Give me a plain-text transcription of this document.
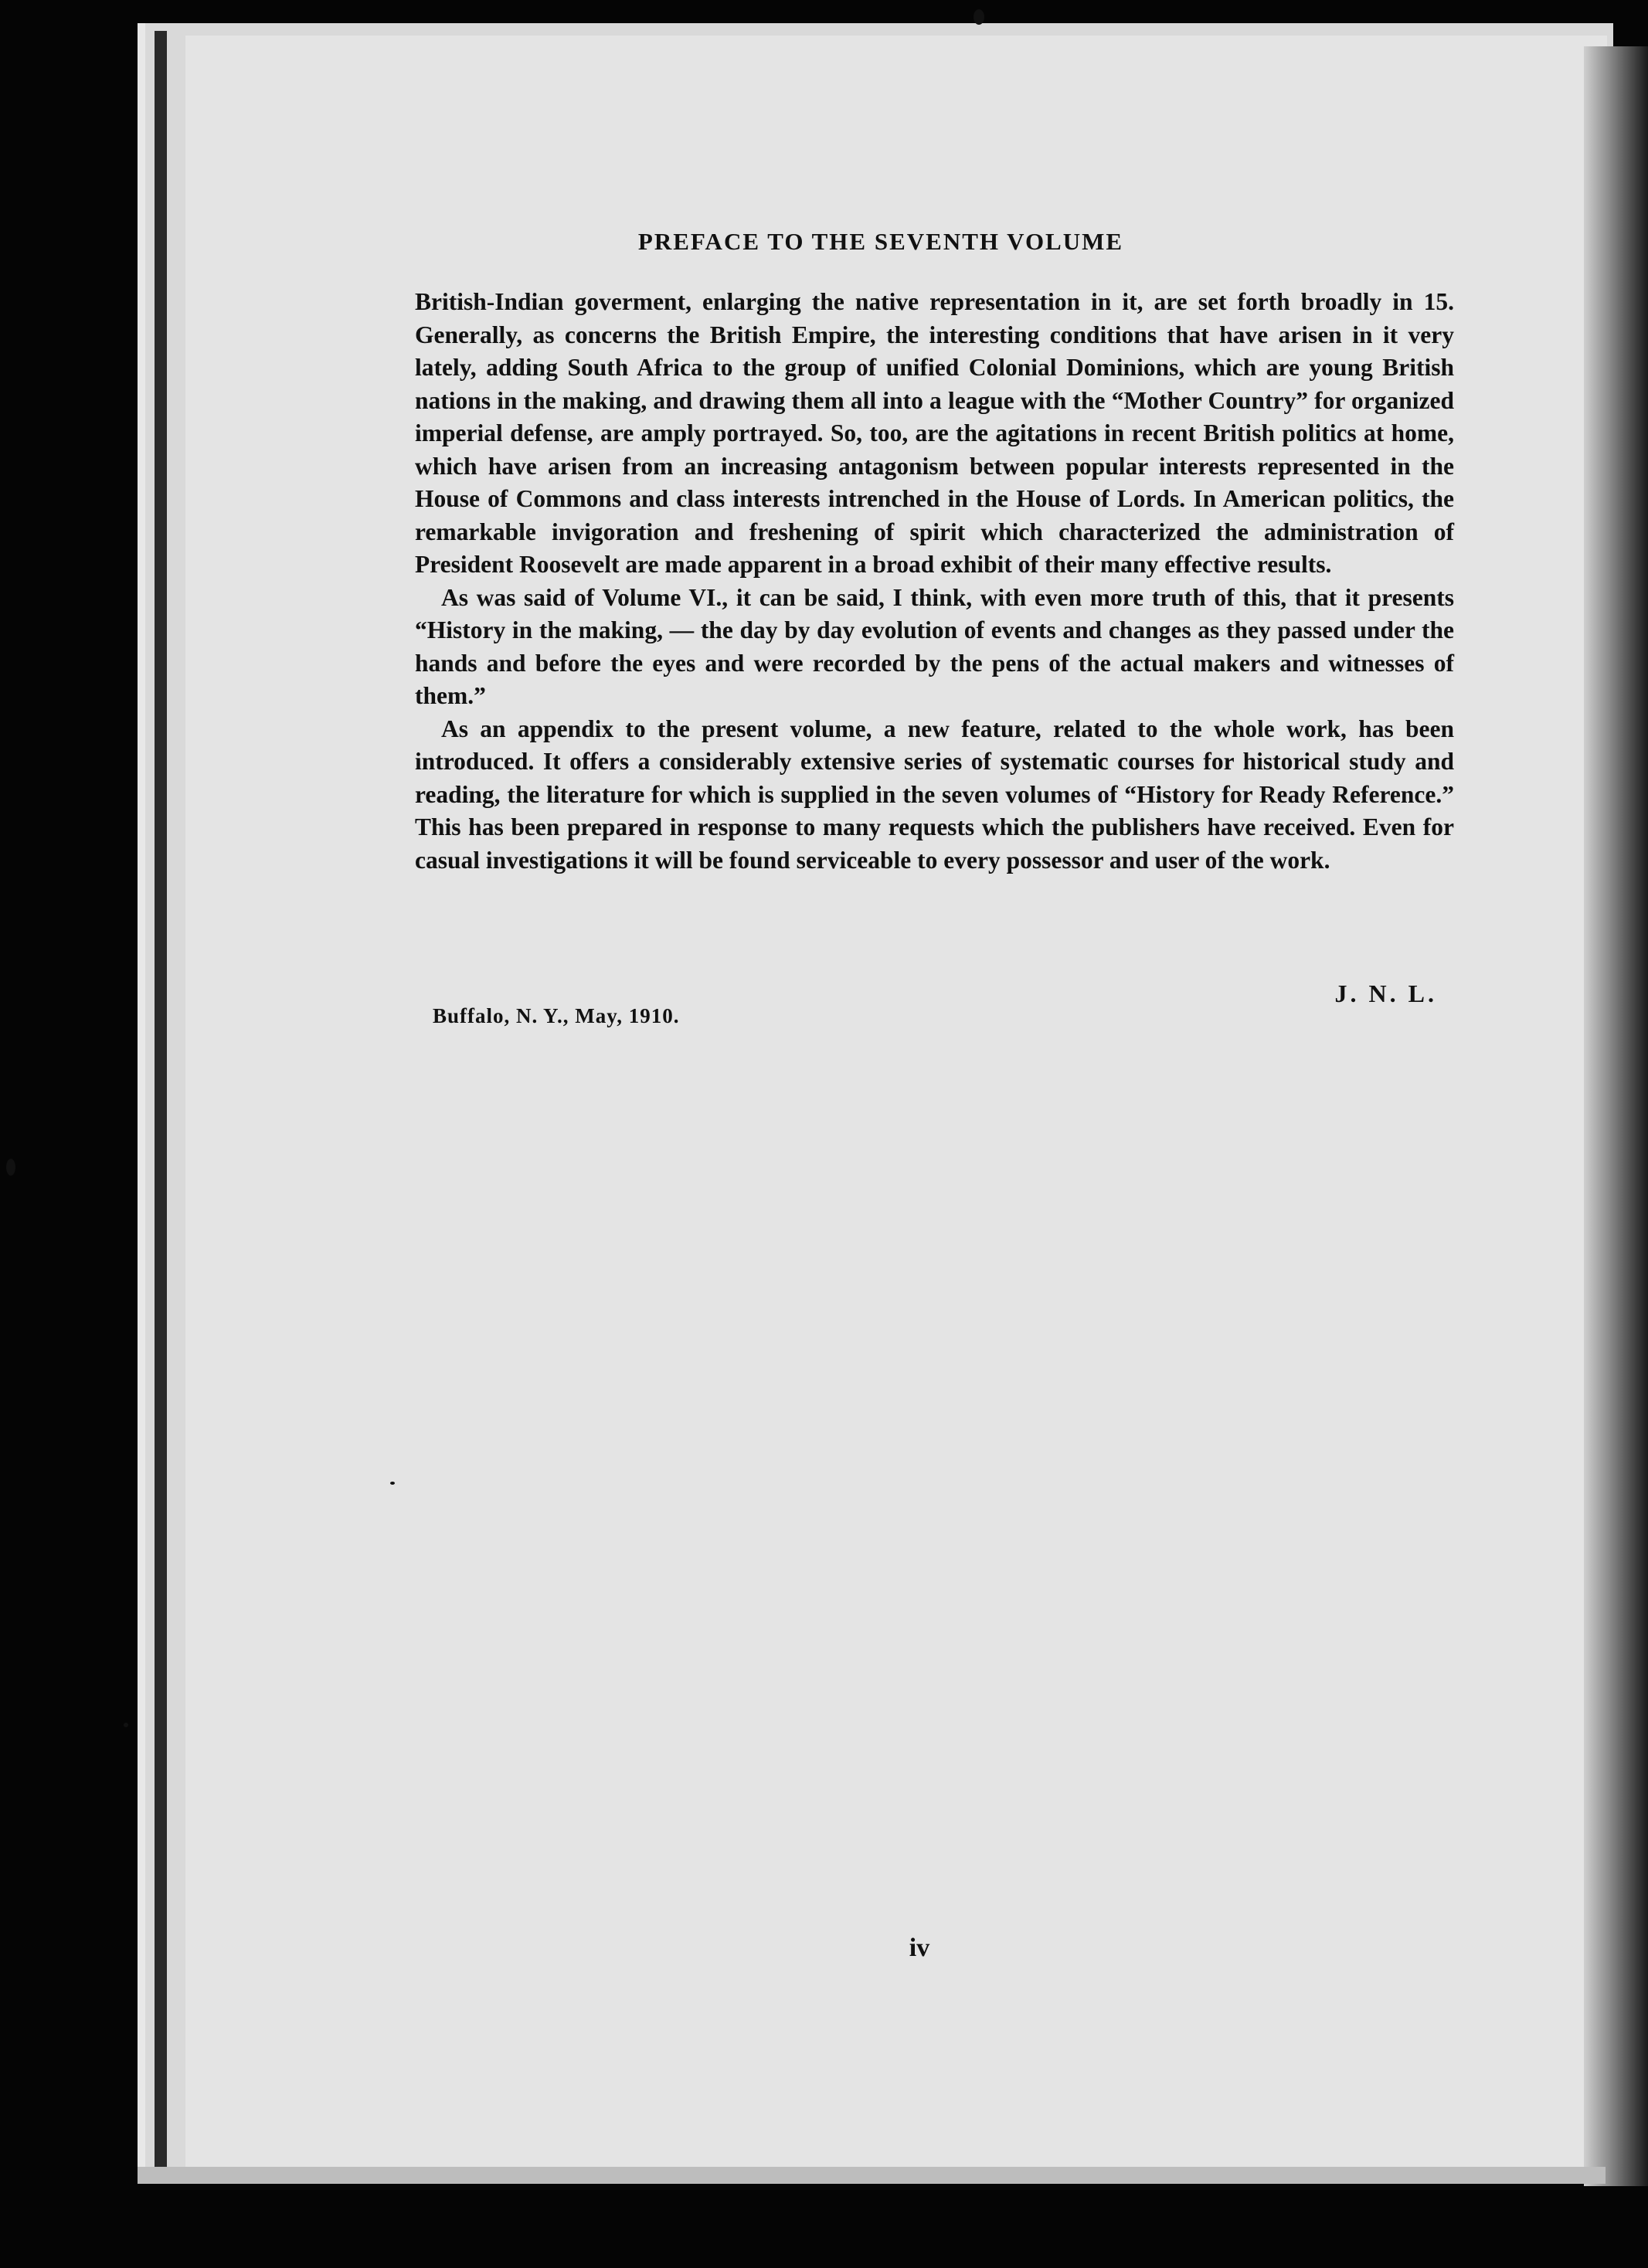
PREFACE TO THE SEVENTH VOLUME

British-Indian goverment, enlarging the native representation in it, are set forth broadly in 15. Generally, as concerns the British Empire, the interesting conditions that have arisen in it very lately, adding South Africa to the group of unified Colonial Dominions, which are young British nations in the making, and drawing them all into a league with the “Mother Country” for organized imperial defense, are amply portrayed. So, too, are the agitations in recent British politics at home, which have arisen from an increasing antagonism between popular interests represented in the House of Commons and class interests intrenched in the House of Lords. In American politics, the remarkable invigoration and freshening of spirit which characterized the administration of President Roosevelt are made apparent in a broad exhibit of their many effective results.

As was said of Volume VI., it can be said, I think, with even more truth of this, that it presents “History in the making, — the day by day evolution of events and changes as they passed under the hands and before the eyes and were recorded by the pens of the actual makers and witnesses of them.”

As an appendix to the present volume, a new feature, related to the whole work, has been introduced. It offers a considerably extensive series of systematic courses for historical study and reading, the literature for which is supplied in the seven volumes of “History for Ready Reference.” This has been prepared in response to many requests which the publishers have received. Even for casual investigations it will be found serviceable to every possessor and user of the work.

J. N. L.
Buffalo, N. Y., May, 1910.
iv
